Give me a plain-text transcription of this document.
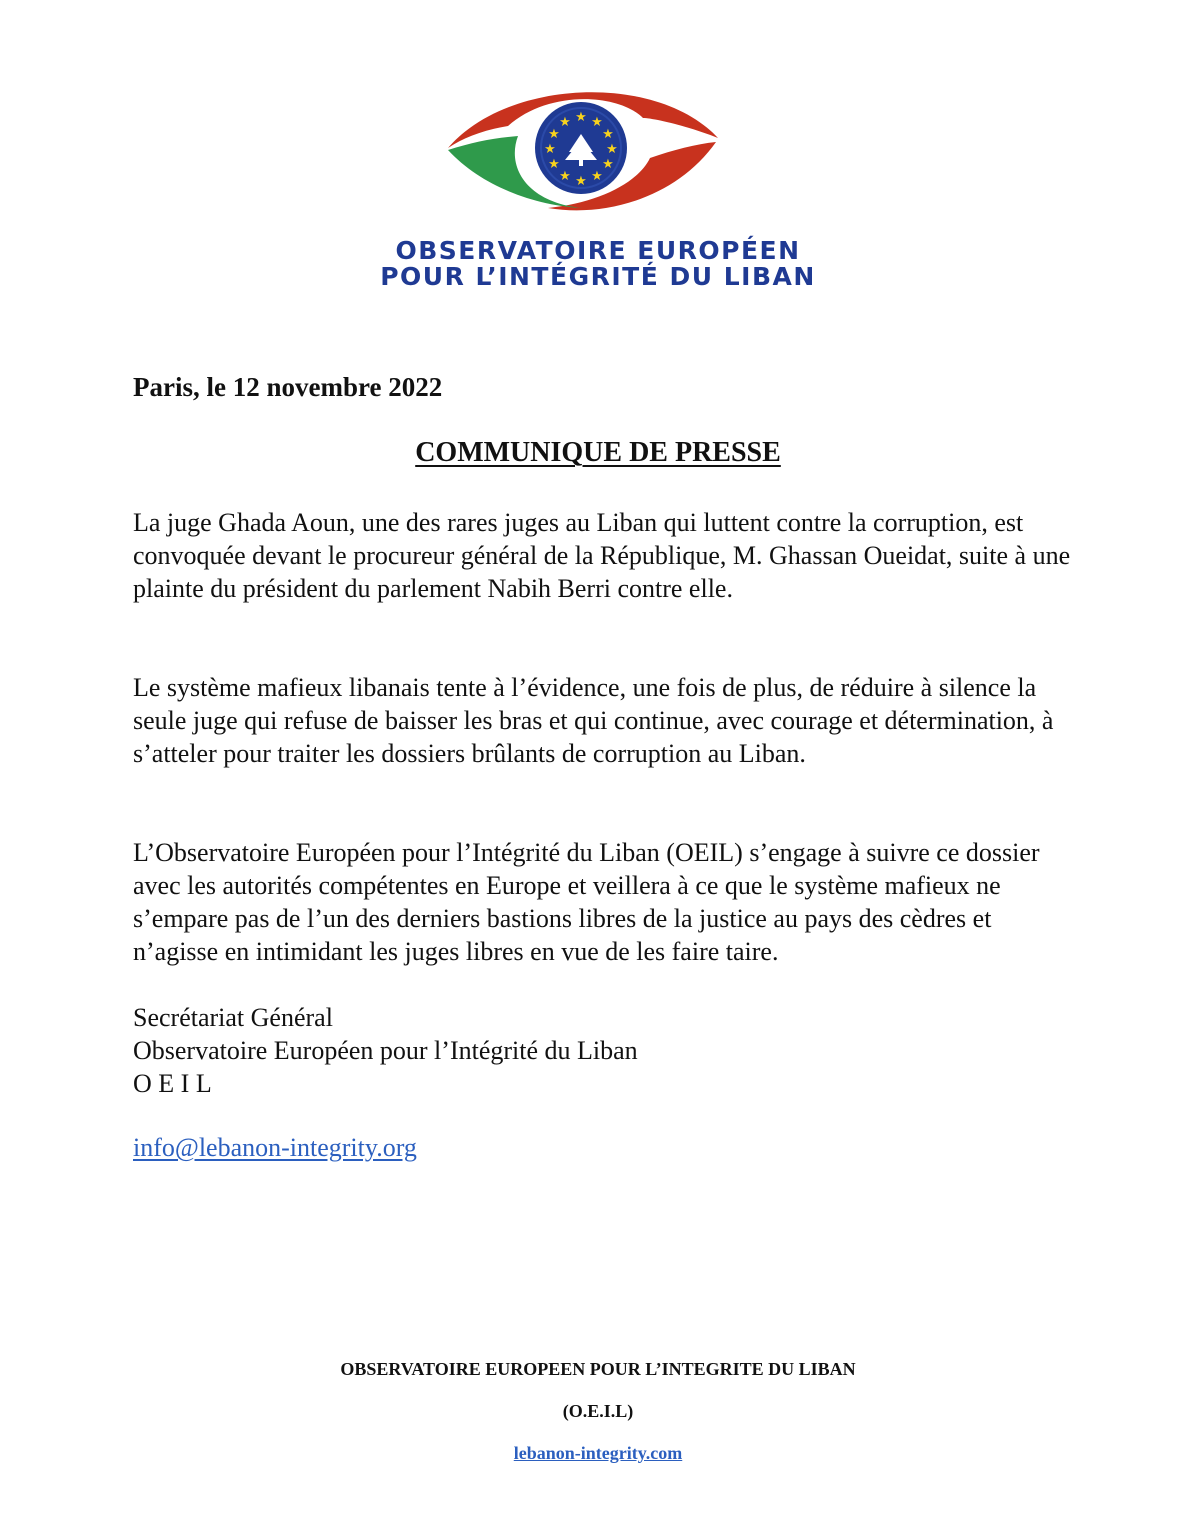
★ ★
★
★
★
★
★
★
★
★
★
★
OBSERVATOIRE EUROPÉEN
POUR L’INTÉGRITÉ DU LIBAN
Paris, le 12 novembre 2022
COMMUNIQUE DE PRESSE

La juge Ghada Aoun, une des rares juges au Liban qui luttent contre la corruption, est convoquée devant le procureur général de la République, M. Ghassan Oueidat, suite à une plainte du président du parlement Nabih Berri contre elle.

Le système mafieux libanais tente à l’évidence, une fois de plus, de réduire à silence la seule juge qui refuse de baisser les bras et qui continue, avec courage et détermination, à s’atteler pour traiter les dossiers brûlants de corruption au Liban.

L’Observatoire Européen pour l’Intégrité du Liban (OEIL) s’engage à suivre ce dossier avec les autorités compétentes en Europe et veillera à ce que le système mafieux ne s’empare pas de l’un des derniers bastions libres de la justice au pays des cèdres et n’agisse en intimidant les juges libres en vue de les faire taire.

Secrétariat Général
Observatoire Européen pour l’Intégrité du Liban
O E I L
info@lebanon-integrity.org
OBSERVATOIRE EUROPEEN POUR L’INTEGRITE DU LIBAN
(O.E.I.L)
lebanon-integrity.com
